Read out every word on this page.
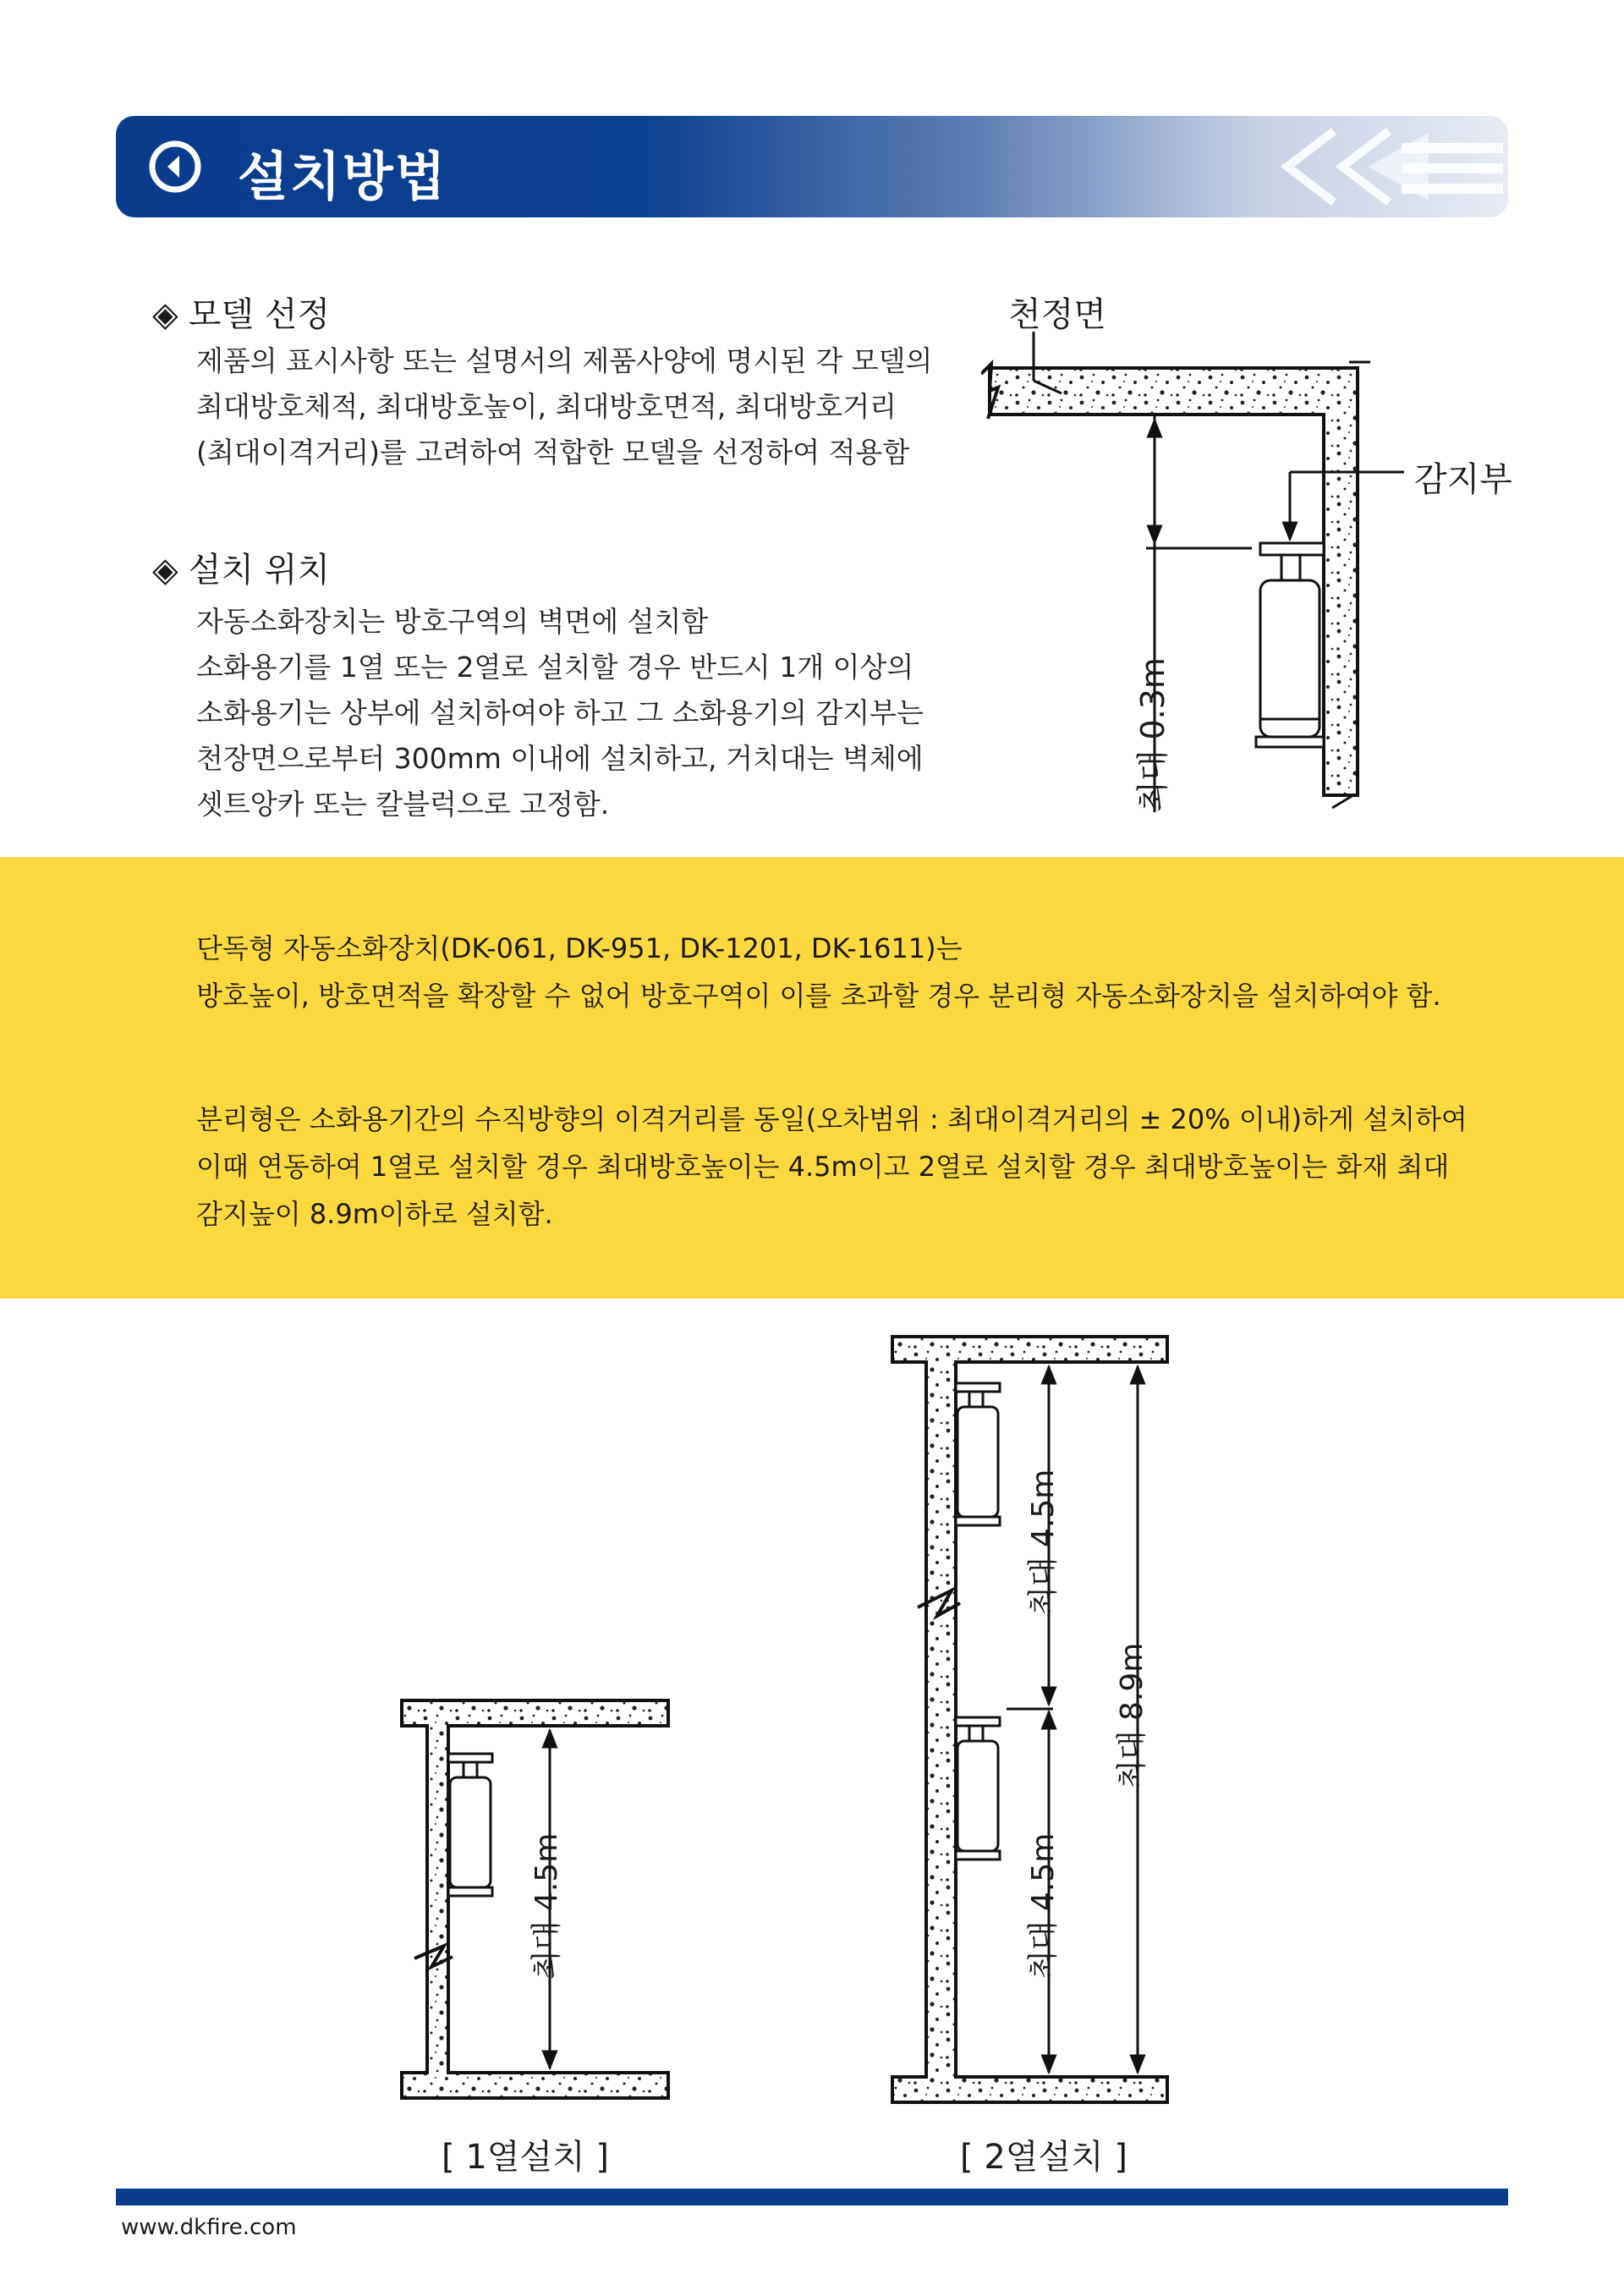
설치방법
◈ 모델 선정
제품의 표시사항 또는 설명서의 제품사양에 명시된 각 모델의
최대방호체적, 최대방호높이, 최대방호면적, 최대방호거리
(최대이격거리)를 고려하여 적합한 모델을 선정하여 적용함
◈ 설치 위치
자동소화장치는 방호구역의 벽면에 설치함
소화용기를 1열 또는 2열로 설치할 경우 반드시 1개 이상의
소화용기는 상부에 설치하여야 하고 그 소화용기의 감지부는
천장면으로부터 300mm 이내에 설치하고, 거치대는 벽체에
셋트앙카 또는 칼블럭으로 고정함.
천정면
감지부
최대 0.3m
단독형 자동소화장치(DK-061, DK-951, DK-1201, DK-1611)는
방호높이, 방호면적을 확장할 수 없어 방호구역이 이를 초과할 경우 분리형 자동소화장치을 설치하여야 함.
분리형은 소화용기간의 수직방향의 이격거리를 동일(오차범위 : 최대이격거리의 ± 20% 이내)하게 설치하여
이때 연동하여 1열로 설치할 경우 최대방호높이는 4.5m이고 2열로 설치할 경우 최대방호높이는 화재 최대
감지높이 8.9m이하로 설치함.
최대 4.5m
[ 1열설치 ]
최대 4.5m
최대 4.5m
최대 8.9m
[ 2열설치 ]
www.dkfire.com
